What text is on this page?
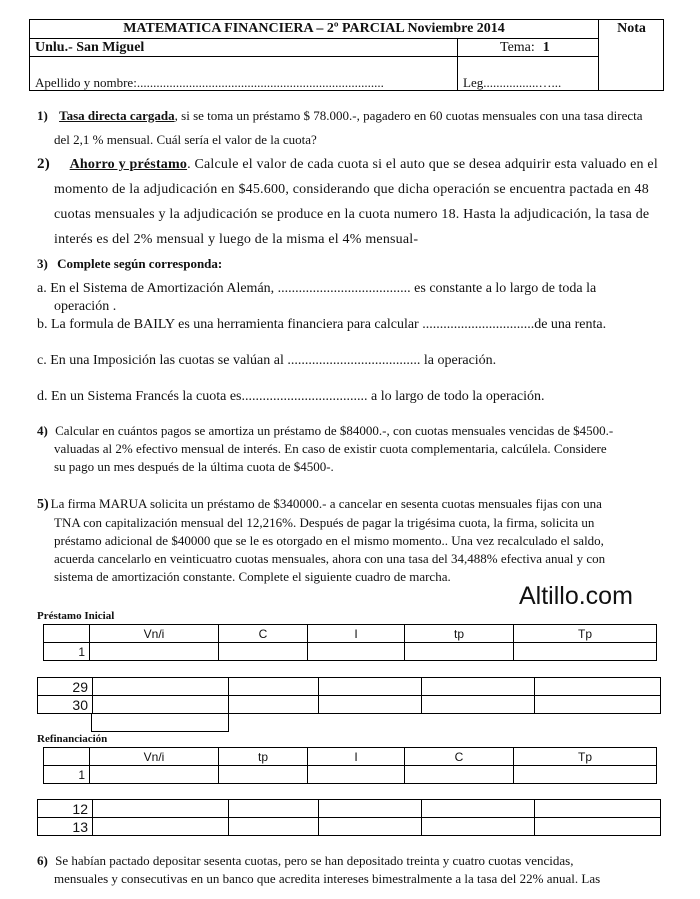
MATEMATICA FINANCIERA – 2º PARCIAL Noviembre 2014	Nota
Unlu.- San Miguel	Tema: 1
Apellido y nombre:............................................................................	Leg.................…...
1) Tasa directa cargada, si se toma un préstamo $ 78.000.-, pagadero en 60 cuotas mensuales con una tasa directa
del 2,1 % mensual. Cuál sería el valor de la cuota?
2) Ahorro y préstamo. Calcule el valor de cada cuota si el auto que se desea adquirir esta valuado en el
momento de la adjudicación en $45.600, considerando que dicha operación se encuentra pactada en 48
cuotas mensuales y la adjudicación se produce en la cuota numero 18. Hasta la adjudicación, la tasa de
interés es del 2% mensual y luego de la misma el 4% mensual-
3) Complete según corresponda:
a. En el Sistema de Amortización Alemán, ...................................... es constante a lo largo de toda la
operación .
b. La formula de BAILY es una herramienta financiera para calcular ................................de una renta.
c. En una Imposición las cuotas se valúan al ...................................... la operación.
d. En un Sistema Francés la cuota es.................................... a lo largo de todo la operación.
4) Calcular en cuántos pagos se amortiza un préstamo de $84000.-, con cuotas mensuales vencidas de $4500.-
valuadas al 2% efectivo mensual de interés. En caso de existir cuota complementaria, calcúlela. Considere
su pago un mes después de la última cuota de $4500-.
5) La firma MARUA solicita un préstamo de $340000.- a cancelar en sesenta cuotas mensuales fijas con una
TNA con capitalización mensual del 12,216%. Después de pagar la trigésima cuota, la firma, solicita un
préstamo adicional de $40000 que se le es otorgado en el mismo momento.. Una vez recalculado el saldo,
acuerda cancelarlo en veinticuatro cuotas mensuales, ahora con una tasa del 34,488% efectiva anual y con
sistema de amortización constante. Complete el siguiente cuadro de marcha.
Altillo.com
Préstamo Inicial
	Vn/i	C	I	tp	Tp
1					
29					
30					
Refinanciación
	Vn/i	tp	I	C	Tp
1					
12					
13					
6) Se habían pactado depositar sesenta cuotas, pero se han depositado treinta y cuatro cuotas vencidas,
mensuales y consecutivas en un banco que acredita intereses bimestralmente a la tasa del 22% anual. Las
